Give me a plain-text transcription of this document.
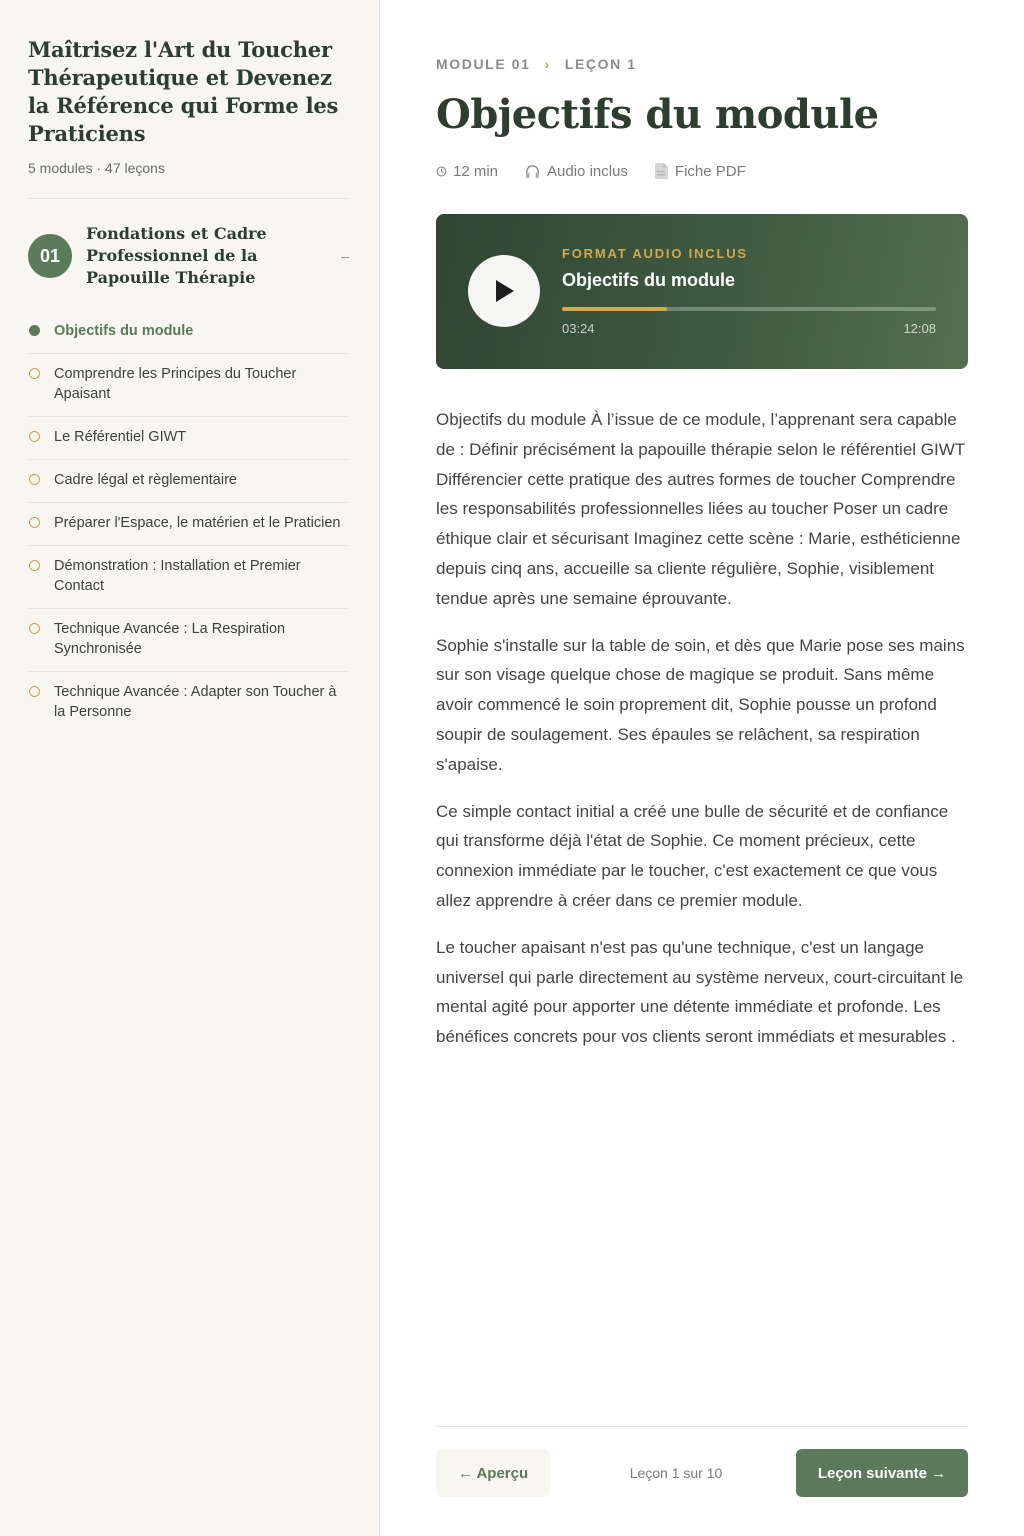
Maîtrisez l'Art du Toucher Thérapeutique et Devenez la Référence qui Forme les Praticiens
5 modules · 47 leçons
01
Fondations et Cadre Professionnel de la Papouille Thérapie
–
Objectifs du module
Comprendre les Principes du Toucher Apaisant
Le Référentiel GIWT
Cadre légal et règlementaire
Préparer l'Espace, le matérien et le Praticien
Démonstration : Installation et Premier Contact
Technique Avancée : La Respiration Synchronisée
Technique Avancée : Adapter son Toucher à la Personne
MODULE 01 › LEÇON 1
Objectifs du module
12 min	Audio inclus	Fiche PDF
FORMAT AUDIO INCLUS
Objectifs du module
03:24	12:08

Objectifs du module À l’issue de ce module, l’apprenant sera capable de : Définir précisément la papouille thérapie selon le référentiel GIWT Différencier cette pratique des autres formes de toucher Comprendre les responsabilités professionnelles liées au toucher Poser un cadre éthique clair et sécurisant Imaginez cette scène : Marie, esthéticienne depuis cinq ans, accueille sa cliente régulière, Sophie, visiblement tendue après une semaine éprouvante.

Sophie s'installe sur la table de soin, et dès que Marie pose ses mains sur son visage quelque chose de magique se produit. Sans même avoir commencé le soin proprement dit, Sophie pousse un profond soupir de soulagement. Ses épaules se relâchent, sa respiration s'apaise.

Ce simple contact initial a créé une bulle de sécurité et de confiance qui transforme déjà l'état de Sophie. Ce moment précieux, cette connexion immédiate par le toucher, c'est exactement ce que vous allez apprendre à créer dans ce premier module.

Le toucher apaisant n'est pas qu'une technique, c'est un langage universel qui parle directement au système nerveux, court-circuitant le mental agité pour apporter une détente immédiate et profonde. Les bénéfices concrets pour vos clients seront immédiats et mesurables .

← Aperçu	Leçon 1 sur 10	Leçon suivante →
